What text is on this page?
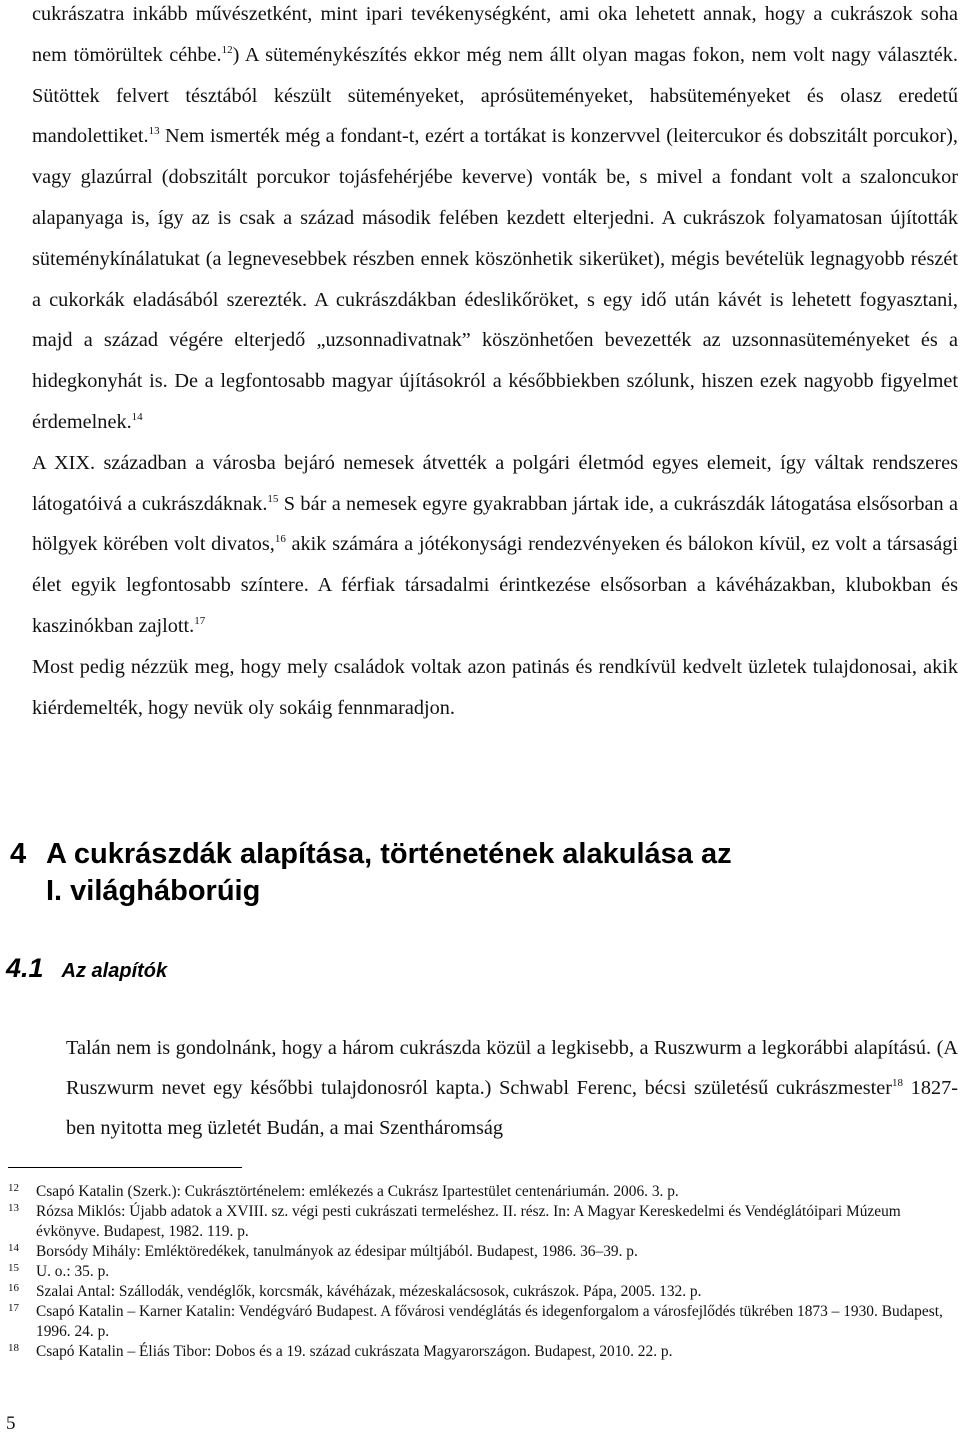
cukrászatra inkább művészetként, mint ipari tevékenységként, ami oka lehetett annak, hogy a cukrászok soha nem tömörültek céhbe.$^{12}$) A süteménykészítés ekkor még nem állt olyan magas fokon, nem volt nagy választék. Sütöttek felvert tésztából készült süteményeket, aprósüteményeket, habsüteményeket és olasz eredetű mandolettiket.$^{13}$ Nem ismerték még a fondant-t, ezért a tortákat is konzervvel (leitercukor és dobszitált porcukor), vagy glazúrral (dobszitált porcukor tojásfehérjébe keverve) vonták be, s mivel a fondant volt a szaloncukor alapanyaga is, így az is csak a század második felében kezdett elterjedni. A cukrászok folyamatosan újították süteménykínálatukat (a legnevesebbek részben ennek köszönhetik sikerüket), mégis bevételük legnagyobb részét a cukorkák eladásából szerezték. A cukrászdákban édeslikőröket, s egy idő után kávét is lehetett fogyasztani, majd a század végére elterjedő „uzsonnadivatnak” köszönhetően bevezették az uzsonnasüteményeket és a hidegkonyhát is. De a legfontosabb magyar újításokról a későbbiekben szólunk, hiszen ezek nagyobb figyelmet érdemelnek.$^{14}$

A XIX. században a városba bejáró nemesek átvették a polgári életmód egyes elemeit, így váltak rendszeres látogatóivá a cukrászdáknak.$^{15}$ S bár a nemesek egyre gyakrabban jártak ide, a cukrászdák látogatása elsősorban a hölgyek körében volt divatos,$^{16}$ akik számára a jótékonysági rendezvényeken és bálokon kívül, ez volt a társasági élet egyik legfontosabb színtere. A férfiak társadalmi érintkezése elsősorban a kávéházakban, klubokban és kaszinókban zajlott.$^{17}$

Most pedig nézzük meg, hogy mely családok voltak azon patinás és rendkívül kedvelt üzletek tulajdonosai, akik kiérdemelték, hogy nevük oly sokáig fennmaradjon.

4 A cukrászdák alapítása, történetének alakulása az
I. világháborúig
4.1 Az alapítók

Talán nem is gondolnánk, hogy a három cukrászda közül a legkisebb, a Ruszwurm a legkorábbi alapítású. (A Ruszwurm nevet egy későbbi tulajdonosról kapta.) Schwabl Ferenc, bécsi születésű cukrászmester$^{18}$ 1827-ben nyitotta meg üzletét Budán, a mai Szentháromság

12 Csapó Katalin (Szerk.): Cukrásztörténelem: emlékezés a Cukrász Ipartestület centenáriumán. 2006. 3. p.
13 Rózsa Miklós: Újabb adatok a XVIII. sz. végi pesti cukrászati termeléshez. II. rész. In: A Magyar Kereskedelmi és Vendéglátóipari Múzeum évkönyve. Budapest, 1982. 119. p.
14 Borsódy Mihály: Emléktöredékek, tanulmányok az édesipar múltjából. Budapest, 1986. 36–39. p.
15 U. o.: 35. p.
16 Szalai Antal: Szállodák, vendéglők, korcsmák, kávéházak, mézeskalácsosok, cukrászok. Pápa, 2005. 132. p.
17 Csapó Katalin – Karner Katalin: Vendégváró Budapest. A fővárosi vendéglátás és idegenforgalom a városfejlődés tükrében 1873 – 1930. Budapest, 1996. 24. p.
18 Csapó Katalin – Éliás Tibor: Dobos és a 19. század cukrászata Magyarországon. Budapest, 2010. 22. p.
5
